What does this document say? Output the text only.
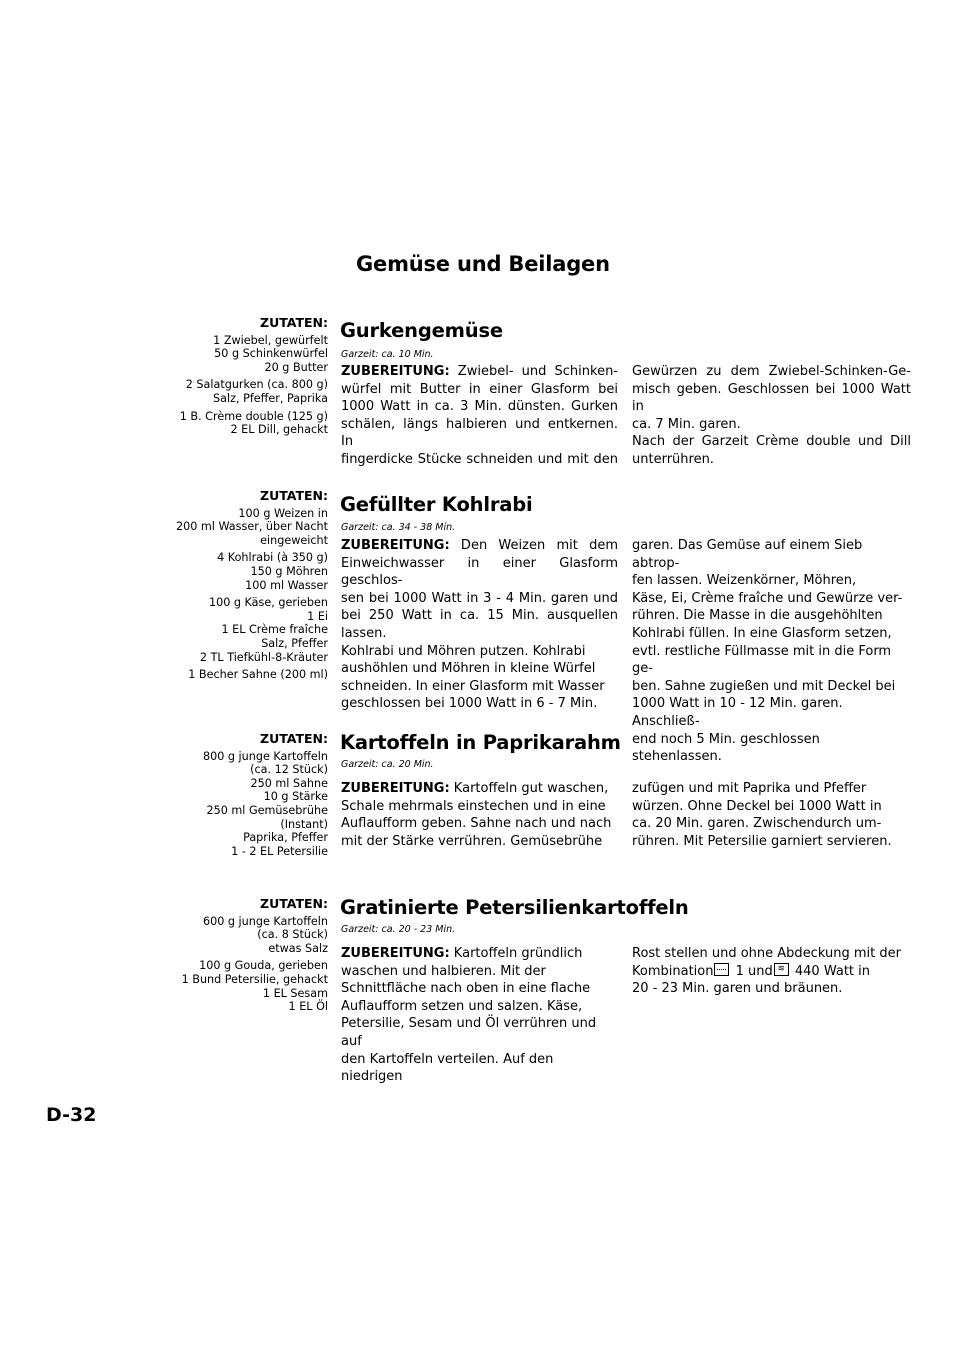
Gemüse und Beilagen
ZUTATEN:
1 Zwiebel, gewürfelt
50 g Schinkenwürfel
20 g Butter
2 Salatgurken (ca. 800 g)
Salz, Pfeffer, Paprika
1 B. Crème double (125 g)
2 EL Dill, gehackt
Gurkengemüse
Garzeit: ca. 10 Min.

ZUBEREITUNG: Zwiebel- und Schinken-

würfel mit Butter in einer Glasform bei

1000 Watt in ca. 3 Min. dünsten. Gurken

schälen, längs halbieren und entkernen. In

fingerdicke Stücke schneiden und mit den

Gewürzen zu dem Zwiebel-Schinken-Ge-

misch geben. Geschlossen bei 1000 Watt in

ca. 7 Min. garen.

Nach der Garzeit Crème double und Dill

unterrühren.

ZUTATEN:
100 g Weizen in
200 ml Wasser, über Nacht
eingeweicht
4 Kohlrabi (à 350 g)
150 g Möhren
100 ml Wasser
100 g Käse, gerieben
1 Ei
1 EL Crème fraîche
Salz, Pfeffer
2 TL Tiefkühl-8-Kräuter
1 Becher Sahne (200 ml)
Gefüllter Kohlrabi
Garzeit: ca. 34 - 38 Min.

ZUBEREITUNG: Den Weizen mit dem

Einweichwasser in einer Glasform geschlos-

sen bei 1000 Watt in 3 - 4 Min. garen und

bei 250 Watt in ca. 15 Min. ausquellen

lassen.

Kohlrabi und Möhren putzen. Kohlrabi

aushöhlen und Möhren in kleine Würfel

schneiden. In einer Glasform mit Wasser

geschlossen bei 1000 Watt in 6 - 7 Min.

garen. Das Gemüse auf einem Sieb abtrop-

fen lassen. Weizenkörner, Möhren,

Käse, Ei, Crème fraîche und Gewürze ver-

rühren. Die Masse in die ausgehöhlten

Kohlrabi füllen. In eine Glasform setzen,

evtl. restliche Füllmasse mit in die Form ge-

ben. Sahne zugießen und mit Deckel bei

1000 Watt in 10 - 12 Min. garen. Anschließ-

end noch 5 Min. geschlossen stehenlassen.

ZUTATEN:
800 g junge Kartoffeln
(ca. 12 Stück)
250 ml Sahne
10 g Stärke
250 ml Gemüsebrühe
(Instant)
Paprika, Pfeffer
1 - 2 EL Petersilie
Kartoffeln in Paprikarahm
Garzeit: ca. 20 Min.

ZUBEREITUNG: Kartoffeln gut waschen,

Schale mehrmals einstechen und in eine

Auflaufform geben. Sahne nach und nach

mit der Stärke verrühren. Gemüsebrühe

zufügen und mit Paprika und Pfeffer

würzen. Ohne Deckel bei 1000 Watt in

ca. 20 Min. garen. Zwischendurch um-

rühren. Mit Petersilie garniert servieren.

ZUTATEN:
600 g junge Kartoffeln
(ca. 8 Stück)
etwas Salz
100 g Gouda, gerieben
1 Bund Petersilie, gehackt
1 EL Sesam
1 EL Öl
Gratinierte Petersilienkartoffeln
Garzeit: ca. 20 - 23 Min.

ZUBEREITUNG: Kartoffeln gründlich

waschen und halbieren. Mit der

Schnittfläche nach oben in eine flache

Auflaufform setzen und salzen. Käse,

Petersilie, Sesam und Öl verrühren und auf

den Kartoffeln verteilen. Auf den niedrigen

Rost stellen und ohne Abdeckung mit der

Kombination 1 und ≋ 440 Watt in

20 - 23 Min. garen und bräunen.

D-32
